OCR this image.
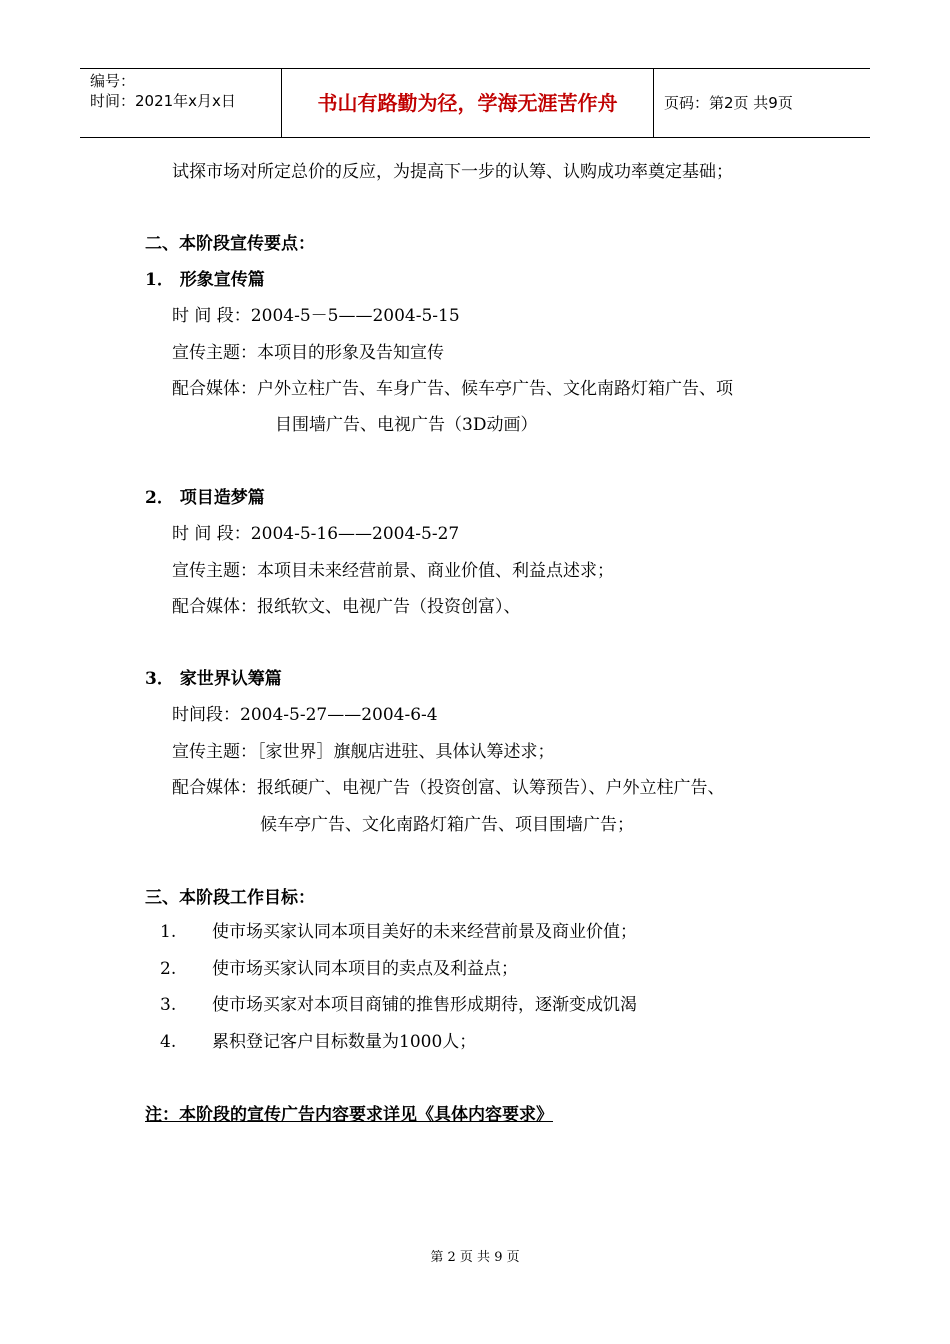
编号：
时间：2021年x月x日	书山有路勤为径，学海无涯苦作舟	页码：第2页 共9页
试探市场对所定总价的反应，为提高下一步的认筹、认购成功率奠定基础；
二、本阶段宣传要点：
1． 形象宣传篇
时 间 段：2004-5－5——2004-5-15
宣传主题：本项目的形象及告知宣传
配合媒体：户外立柱广告、车身广告、候车亭广告、文化南路灯箱广告、项
目围墙广告、电视广告（3D动画）
2． 项目造梦篇
时 间 段：2004-5-16——2004-5-27
宣传主题：本项目未来经营前景、商业价值、利益点述求；
配合媒体：报纸软文、电视广告（投资创富）、
3． 家世界认筹篇
时间段：2004-5-27——2004-6-4
宣传主题：［家世界］旗舰店进驻、具体认筹述求；
配合媒体：报纸硬广、电视广告（投资创富、认筹预告）、户外立柱广告、
候车亭广告、文化南路灯箱广告、项目围墙广告；
三、本阶段工作目标：
1. 使市场买家认同本项目美好的未来经营前景及商业价值；
2. 使市场买家认同本项目的卖点及利益点；
3. 使市场买家对本项目商铺的推售形成期待，逐渐变成饥渴
4. 累积登记客户目标数量为1000人；
注：本阶段的宣传广告内容要求详见《具体内容要求》
第 2 页 共 9 页
